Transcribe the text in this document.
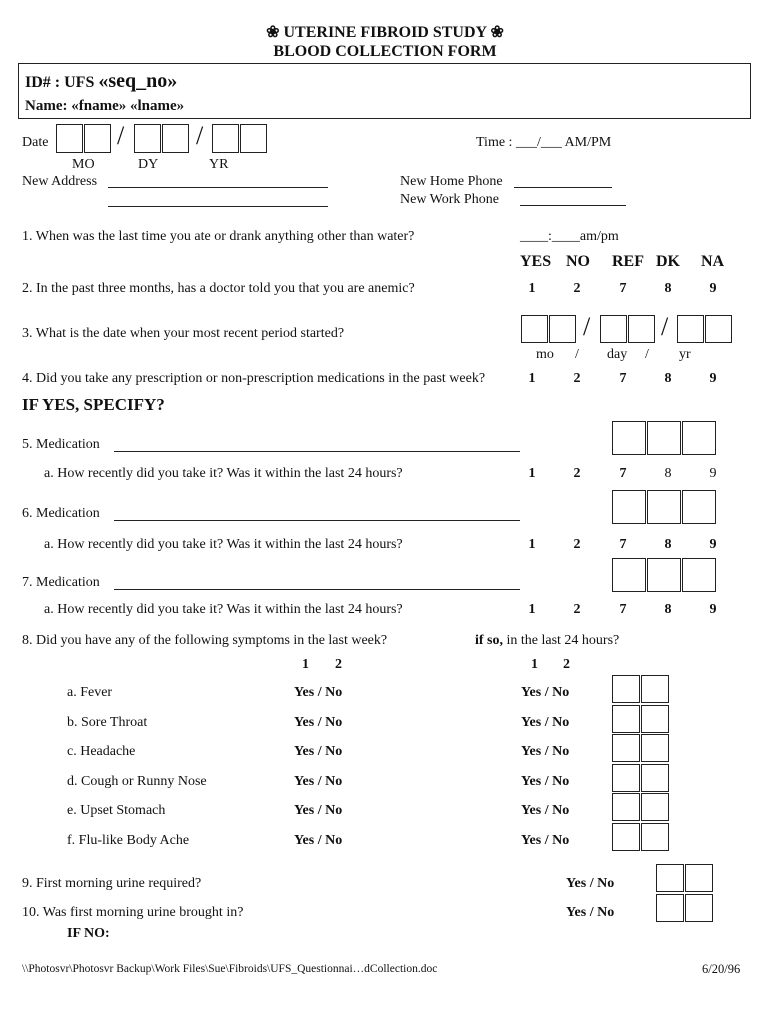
❀ UTERINE FIBROID STUDY ❀
BLOOD COLLECTION FORM
ID# : UFS «seq_no»
Name: «fname» «lname»
Date	/	/
MO	DY	YR
Time : ___/___ AM/PM
New Address	New Home Phone
New Work Phone
1. When was the last time you ate or drank anything other than water?	____:____am/pm
YES NO REF DK NA
2. In the past three months, has a doctor told you that you are anemic?	1	2	7	8	9
3. What is the date when your most recent period started?	/	/
mo / day / yr
4. Did you take any prescription or non-prescription medications in the past week?	1	2	7	8	9
IF YES, SPECIFY?
5. Medication
a. How recently did you take it? Was it within the last 24 hours?	1	2	7	8	9
6. Medication
a. How recently did you take it? Was it within the last 24 hours?	1	2	7	8	9
7. Medication
a. How recently did you take it? Was it within the last 24 hours?	1	2	7	8	9
8. Did you have any of the following symptoms in the last week?	if so, in the last 24 hours?
1 2	1 2
a. Fever	Yes / No	Yes / No
b. Sore Throat	Yes / No	Yes / No
c. Headache	Yes / No	Yes / No
d. Cough or Runny Nose	Yes / No	Yes / No
e. Upset Stomach	Yes / No	Yes / No
f. Flu-like Body Ache	Yes / No	Yes / No
9. First morning urine required?	Yes / No
10. Was first morning urine brought in?	Yes / No
IF NO:
\\Photosvr\Photosvr Backup\Work Files\Sue\Fibroids\UFS_Questionnai…dCollection.doc	6/20/96
